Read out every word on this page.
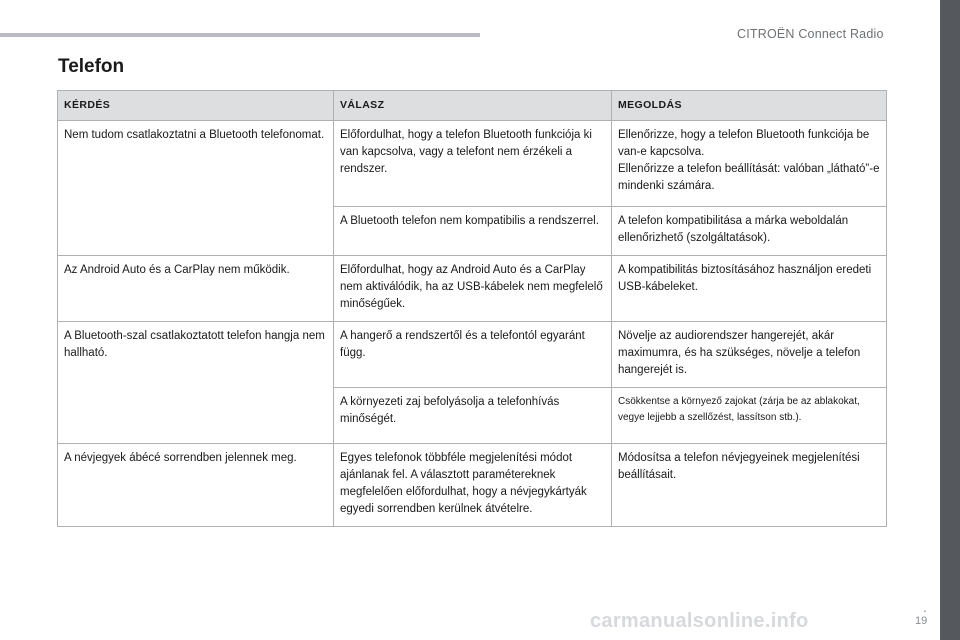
CITROËN Connect Radio
Telefon
KÉRDÉS	VÁLASZ	MEGOLDÁS
Nem tudom csatlakoztatni a Bluetooth telefonomat.	Előfordulhat, hogy a telefon Bluetooth funkciója ki van kapcsolva, vagy a telefont nem érzékeli a rendszer.	Ellenőrizze, hogy a telefon Bluetooth funkciója be van-e kapcsolva.
Ellenőrizze a telefon beállítását: valóban „látható”-e mindenki számára.
	A Bluetooth telefon nem kompatibilis a rendszerrel.	A telefon kompatibilitása a márka weboldalán ellenőrizhető (szolgáltatások).
Az Android Auto és a CarPlay nem működik.	Előfordulhat, hogy az Android Auto és a CarPlay nem aktiválódik, ha az USB-kábelek nem megfelelő minőségűek.	A kompatibilitás biztosításához használjon eredeti USB-kábeleket.
A Bluetooth-szal csatlakoztatott telefon hangja nem hallható.	A hangerő a rendszertől és a telefontól egyaránt függ.	Növelje az audiorendszer hangerejét, akár maximumra, és ha szükséges, növelje a telefon hangerejét is.
	A környezeti zaj befolyásolja a telefonhívás minőségét.	Csökkentse a környező zajokat (zárja be az ablakokat, vegye lejjebb a szellőzést, lassítson stb.).
A névjegyek ábécé sorrendben jelennek meg.	Egyes telefonok többféle megjelenítési módot ajánlanak fel. A választott paramétereknek megfelelően előfordulhat, hogy a névjegykártyák egyedi sorrendben kerülnek átvételre.	Módosítsa a telefon névjegyeinek megjelenítési beállításait.
carmanualsonline.info
.
19
